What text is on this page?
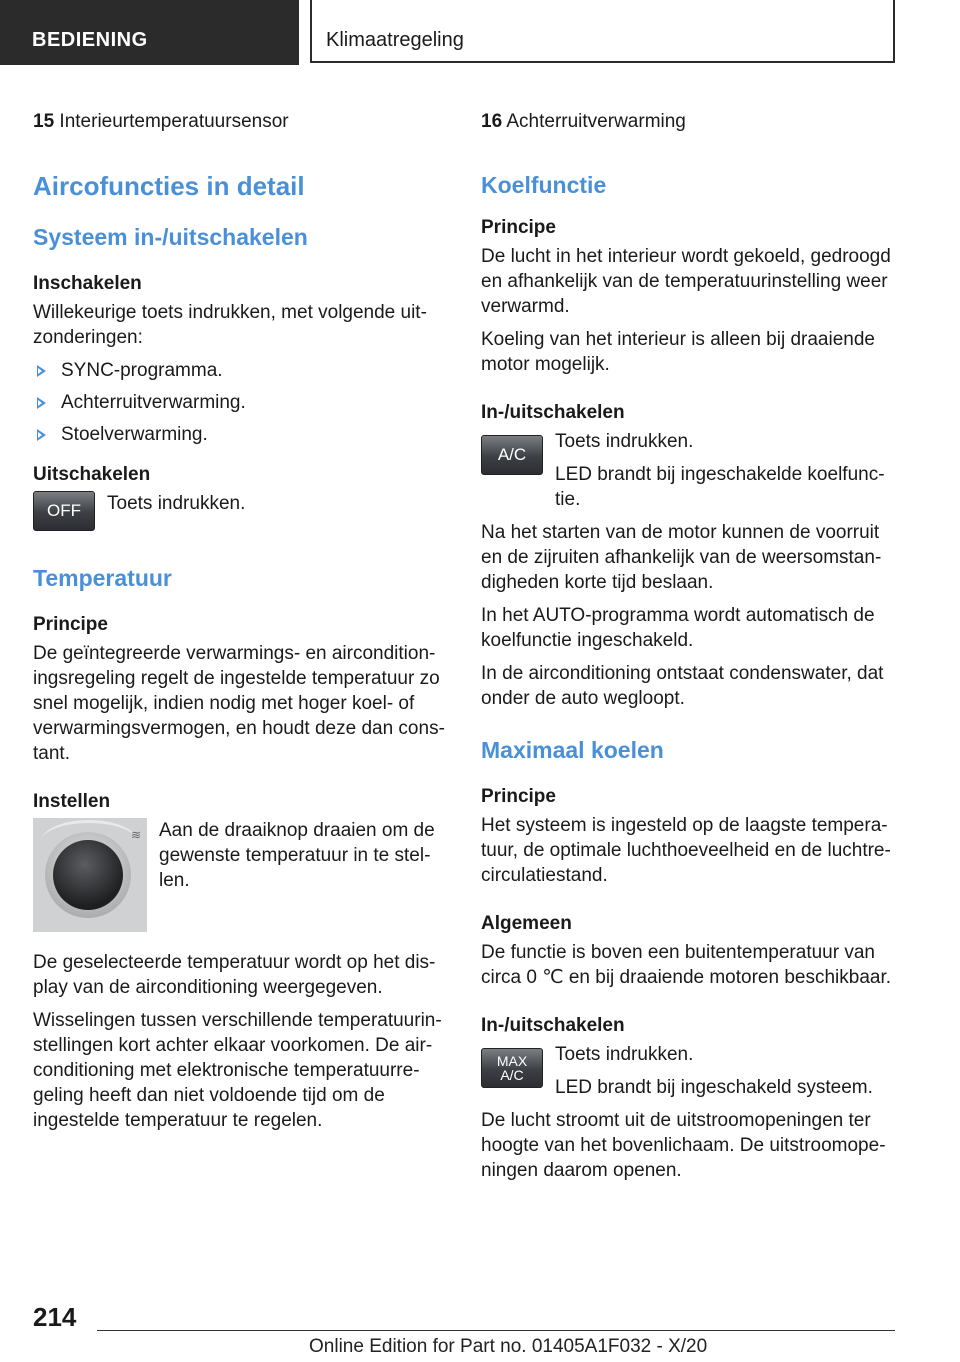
BEDIENING	Klimaatregeling
15 Interieurtemperatuursensor
Aircofuncties in detail
Systeem in-/uitschakelen
Inschakelen

Willekeurige toets indrukken, met volgende uit-zonderingen:

SYNC-programma.
Achterruitverwarming.
Stoelverwarming.
Uitschakelen
OFF	Toets indrukken.

Temperatuur
Principe

De geïntegreerde verwarmings- en aircondition-ingsregeling regelt de ingestelde temperatuur zo snel mogelijk, indien nodig met hoger koel- of verwarmingsvermogen, en houdt deze dan cons-tant.

Instellen
≋ Aan de draaiknop draaien om de gewenste temperatuur in te stel-len.

De geselecteerde temperatuur wordt op het dis-play van de airconditioning weergegeven.

Wisselingen tussen verschillende temperatuurin-stellingen kort achter elkaar voorkomen. De air-conditioning met elektronische temperatuurre-geling heeft dan niet voldoende tijd om de ingestelde temperatuur te regelen.

16 Achterruitverwarming
Koelfunctie
Principe

De lucht in het interieur wordt gekoeld, gedroogd en afhankelijk van de temperatuurinstelling weer verwarmd.

Koeling van het interieur is alleen bij draaiende motor mogelijk.

In-/uitschakelen
A/C

Toets indrukken.

LED brandt bij ingeschakelde koelfunc-tie.

Na het starten van de motor kunnen de voorruit en de zijruiten afhankelijk van de weersomstan-digheden korte tijd beslaan.

In het AUTO-programma wordt automatisch de koelfunctie ingeschakeld.

In de airconditioning ontstaat condenswater, dat onder de auto wegloopt.

Maximaal koelen
Principe

Het systeem is ingesteld op de laagste tempera-tuur, de optimale luchthoeveelheid en de luchtre-circulatiestand.

Algemeen

De functie is boven een buitentemperatuur van circa 0 ℃ en bij draaiende motoren beschikbaar.

In-/uitschakelen
MAX
A/C

Toets indrukken.

LED brandt bij ingeschakeld systeem.

De lucht stroomt uit de uitstroomopeningen ter hoogte van het bovenlichaam. De uitstroomope-ningen daarom openen.

214
Online Edition for Part no. 01405A1F032 - X/20
